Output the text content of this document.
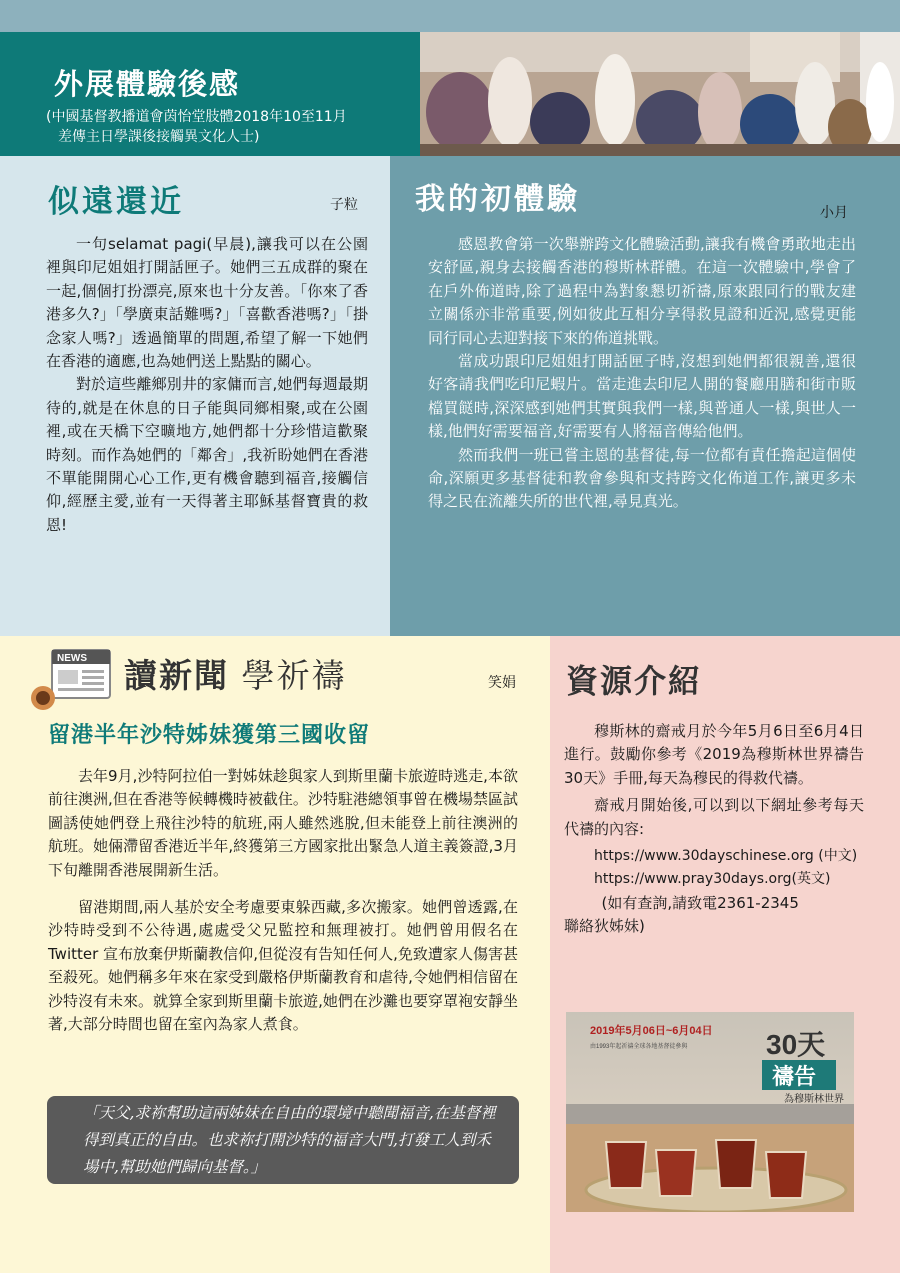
外展體驗後感
(中國基督教播道會茵怡堂肢體2018年10至11月
差傳主日學課後接觸異文化人士)
似遠還近	子粒

一句selamat pagi(早晨),讓我可以在公園裡與印尼姐姐打開話匣子。她們三五成群的聚在一起,個個打扮漂亮,原來也十分友善。「你來了香港多久?」「學廣東話難嗎?」「喜歡香港嗎?」「掛念家人嗎?」透過簡單的問題,希望了解一下她們在香港的適應,也為她們送上點點的關心。

對於這些離鄉別井的家傭而言,她們每週最期待的,就是在休息的日子能與同鄉相聚,或在公園裡,或在天橋下空曠地方,她們都十分珍惜這歡聚時刻。而作為她們的「鄰舍」,我祈盼她們在香港不單能開開心心工作,更有機會聽到福音,接觸信仰,經歷主愛,並有一天得著主耶穌基督寶貴的救恩!

我的初體驗	小月

感恩教會第一次舉辦跨文化體驗活動,讓我有機會勇敢地走出安舒區,親身去接觸香港的穆斯林群體。在這一次體驗中,學會了在戶外佈道時,除了過程中為對象懇切祈禱,原來跟同行的戰友建立關係亦非常重要,例如彼此互相分享得救見證和近況,感覺更能同行同心去迎對接下來的佈道挑戰。

當成功跟印尼姐姐打開話匣子時,沒想到她們都很親善,還很好客請我們吃印尼蝦片。當走進去印尼人開的餐廳用膳和街市販檔買餸時,深深感到她們其實與我們一樣,與普通人一樣,與世人一樣,他們好需要福音,好需要有人將福音傳給他們。

然而我們一班已嘗主恩的基督徒,每一位都有責任擔起這個使命,深願更多基督徒和教會參與和支持跨文化佈道工作,讓更多未得之民在流離失所的世代裡,尋見真光。

NEWS 讀新聞 學祈禱	笑娟
留港半年沙特姊妹獲第三國收留

去年9月,沙特阿拉伯一對姊妹趁與家人到斯里蘭卡旅遊時逃走,本欲前往澳洲,但在香港等候轉機時被截住。沙特駐港總領事曾在機場禁區試圖誘使她們登上飛往沙特的航班,兩人雖然逃脫,但未能登上前往澳洲的航班。她倆滯留香港近半年,終獲第三方國家批出緊急人道主義簽證,3月下旬離開香港展開新生活。

留港期間,兩人基於安全考慮要東躲西藏,多次搬家。她們曾透露,在沙特時受到不公待遇,處處受父兄監控和無理被打。她們曾用假名在Twitter 宣布放棄伊斯蘭教信仰,但從沒有告知任何人,免致遭家人傷害甚至殺死。她們稱多年來在家受到嚴格伊斯蘭教育和虐待,令她們相信留在沙特沒有未來。就算全家到斯里蘭卡旅遊,她們在沙灘也要穿罩袍安靜坐著,大部分時間也留在室內為家人煮食。

「天父,求祢幫助這兩姊妹在自由的環境中聽聞福音,在基督裡得到真正的自由。也求祢打開沙特的福音大門,打發工人到禾場中,幫助她們歸向基督。」
資源介紹

穆斯林的齋戒月於今年5月6日至6月4日進行。鼓勵你參考《2019為穆斯林世界禱告30天》手冊,每天為穆民的得救代禱。

齋戒月開始後,可以到以下網址參考每天代禱的內容:

https://www.30dayschinese.org (中文)

https://www.pray30days.org(英文)

(如有查詢,請致電2361-2345

聯絡狄姊妹)

2019年5月06日~6月04日
由1993年起祈禱全球各地基督徒參與	30天
禱告
為穆斯林世界
